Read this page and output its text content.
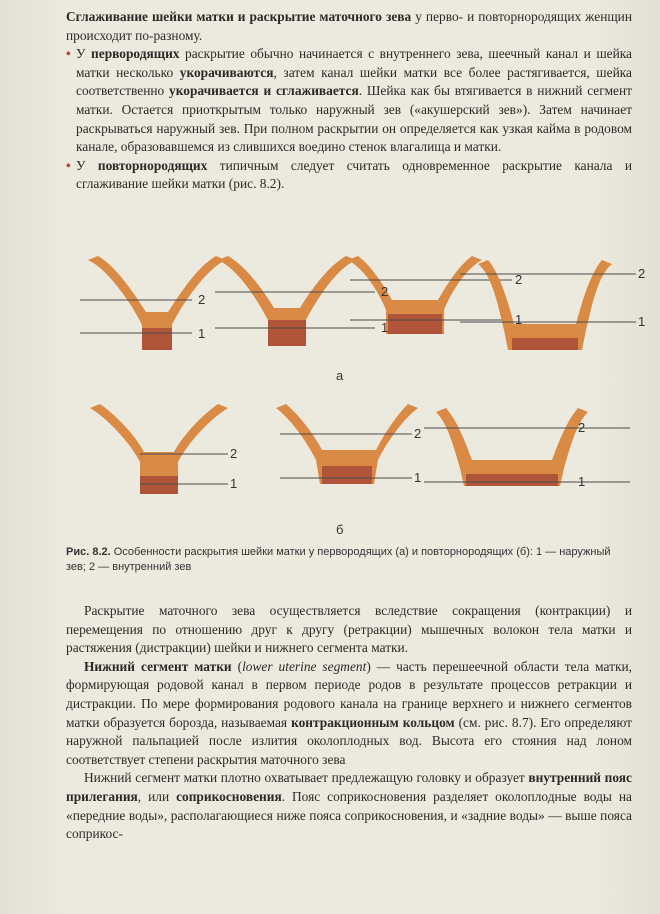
Сглаживание шейки матки и раскрытие маточного зева у перво- и повторнородящих женщин происходит по-разному.

• У первородящих раскрытие обычно начинается с внутреннего зева, шеечный канал и шейка матки несколько укорачиваются, затем канал шейки матки все более растягивается, шейка соответственно укорачивается и сглаживается. Шейка как бы втягивается в нижний сегмент матки. Остается приоткрытым только наружный зев («акушерский зев»). Затем начинает раскрываться наружный зев. При полном раскрытии он определяется как узкая кайма в родовом канале, образовавшемся из слившихся воедино стенок влагалища и матки.

• У повторнородящих типичным следует считать одновременное раскрытие канала и сглаживание шейки матки (рис. 8.2).

2
1
2
1
2
1
2
1
а
2
1
2
1
2
1
б
Рис. 8.2. Особенности раскрытия шейки матки у первородящих (а) и повторнородящих (б): 1 — наружный зев; 2 — внутренний зев

Раскрытие маточного зева осуществляется вследствие сокращения (контракции) и перемещения по отношению друг к другу (ретракции) мышечных волокон тела матки и растяжения (дистракции) шейки и нижнего сегмента матки.

Нижний сегмент матки (lower uterine segment) — часть перешеечной области тела матки, формирующая родовой канал в первом периоде родов в результате процессов ретракции и дистракции. По мере формирования родового канала на границе верхнего и нижнего сегментов матки образуется борозда, называемая контракционным кольцом (см. рис. 8.7). Его определяют наружной пальпацией после излития околоплодных вод. Высота его стояния над лоном соответствует степени раскрытия маточного зева

Нижний сегмент матки плотно охватывает предлежащую головку и образует внутренний пояс прилегания, или соприкосновения. Пояс соприкосновения разделяет околоплодные воды на «передние воды», располагающиеся ниже пояса соприкосновения, и «задние воды» — выше пояса соприкос-
